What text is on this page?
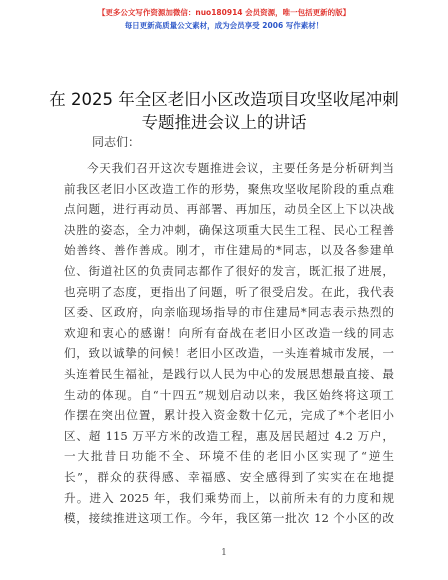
【更多公文写作资源加微信：nuo180914 会员资源，唯一包括更新的版】
每日更新高质量公文素材，成为会员享受 2006 写作素材！
在 2025 年全区老旧小区改造项目攻坚收尾冲刺
专题推进会议上的讲话
同志们：
今天我们召开这次专题推进会议，主要任务是分析研判当
前我区老旧小区改造工作的形势，聚焦攻坚收尾阶段的重点难
点问题，进行再动员、再部署、再加压，动员全区上下以决战
决胜的姿态，全力冲刺，确保这项重大民生工程、民心工程善
始善终、善作善成。刚才，市住建局的*同志，以及各参建单
位、街道社区的负责同志都作了很好的发言，既汇报了进展，
也亮明了态度，更指出了问题，听了很受启发。在此，我代表
区委、区政府，向亲临现场指导的市住建局*同志表示热烈的
欢迎和衷心的感谢！向所有奋战在老旧小区改造一线的同志
们，致以诚挚的问候！老旧小区改造，一头连着城市发展，一
头连着民生福祉，是践行以人民为中心的发展思想最直接、最
生动的体现。自“十四五”规划启动以来，我区始终将这项工
作摆在突出位置，累计投入资金数十亿元，完成了*个老旧小
区、超 115 万平方米的改造工程，惠及居民超过 4.2 万户，
一大批昔日功能不全、环境不佳的老旧小区实现了“逆生
长”，群众的获得感、幸福感、安全感得到了实实在在地提
升。进入 2025 年，我们乘势而上，以前所未有的力度和规
模，接续推进这项工作。今年，我区第一批次 12 个小区的改
1
